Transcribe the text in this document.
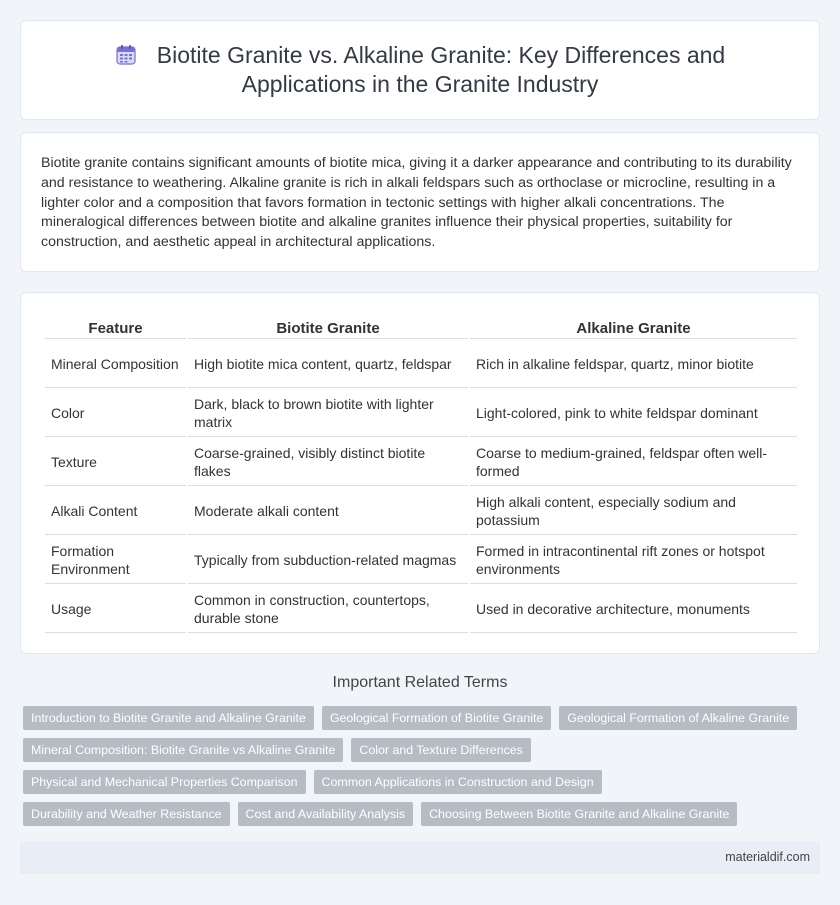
Biotite Granite vs. Alkaline Granite: Key Differences and Applications in the Granite Industry

Biotite granite contains significant amounts of biotite mica, giving it a darker appearance and contributing to its durability and resistance to weathering. Alkaline granite is rich in alkali feldspars such as orthoclase or microcline, resulting in a lighter color and a composition that favors formation in tectonic settings with higher alkali concentrations. The mineralogical differences between biotite and alkaline granites influence their physical properties, suitability for construction, and aesthetic appeal in architectural applications.

Feature	Biotite Granite	Alkaline Granite
Mineral Composition	High biotite mica content, quartz, feldspar	Rich in alkaline feldspar, quartz, minor biotite
Color	Dark, black to brown biotite with lighter matrix	Light-colored, pink to white feldspar dominant
Texture	Coarse-grained, visibly distinct biotite flakes	Coarse to medium-grained, feldspar often well-formed
Alkali Content	Moderate alkali content	High alkali content, especially sodium and potassium
Formation Environment	Typically from subduction-related magmas	Formed in intracontinental rift zones or hotspot environments
Usage	Common in construction, countertops, durable stone	Used in decorative architecture, monuments
Important Related Terms
Introduction to Biotite Granite and Alkaline Granite	Geological Formation of Biotite Granite	Geological Formation of Alkaline Granite
Mineral Composition: Biotite Granite vs Alkaline Granite	Color and Texture Differences
Physical and Mechanical Properties Comparison	Common Applications in Construction and Design
Durability and Weather Resistance	Cost and Availability Analysis	Choosing Between Biotite Granite and Alkaline Granite
materialdif.com
